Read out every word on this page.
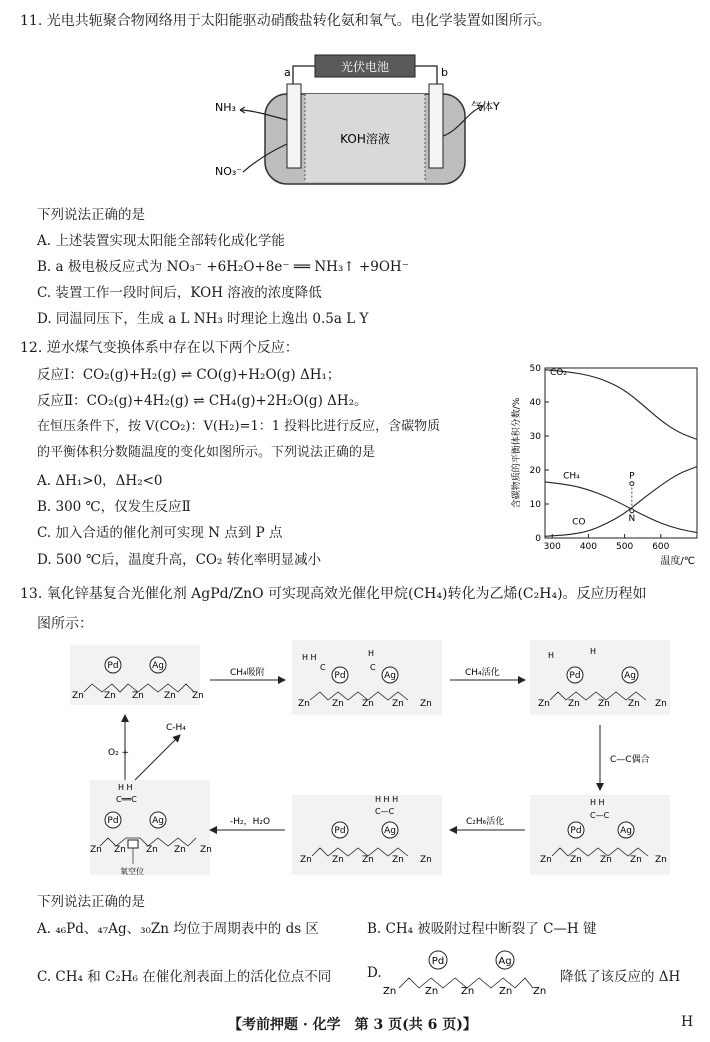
11. 光电共轭聚合物网络用于太阳能驱动硝酸盐转化氨和氧气。电化学装置如图所示。
光伏电池
a	b
KOH溶液
NH₃
NO₃⁻
气体Y
下列说法正确的是
A. 上述装置实现太阳能全部转化成化学能
B. a 极电极反应式为 NO₃⁻ +6H₂O+8e⁻ ══ NH₃↑ +9OH⁻
C. 装置工作一段时间后，KOH 溶液的浓度降低
D. 同温同压下，生成 a L NH₃ 时理论上逸出 0.5a L Y
12. 逆水煤气变换体系中存在以下两个反应：
反应Ⅰ：CO₂(g)+H₂(g) ⇌ CO(g)+H₂O(g) ΔH₁；
反应Ⅱ：CO₂(g)+4H₂(g) ⇌ CH₄(g)+2H₂O(g) ΔH₂。
在恒压条件下，按 V(CO₂)：V(H₂)=1：1 投料比进行反应，含碳物质
的平衡体积分数随温度的变化如图所示。下列说法正确的是
A. ΔH₁>0，ΔH₂<0
B. 300 ℃，仅发生反应Ⅱ
C. 加入合适的催化剂可实现 N 点到 P 点
D. 500 ℃后，温度升高，CO₂ 转化率明显减小
0
10
20
30
40
50
300 400 500 600
温度/℃
含碳物质的平衡体积分数/%
CO₂
CH₄
CO
P
N
13. 氧化锌基复合光催化剂 AgPd/ZnO 可实现高效光催化甲烷(CH₄)转化为乙烯(C₂H₄)。反应历程如
图所示：
Pd	Ag
Zn Zn Zn Zn Zn
CH₄吸附	Pd	Ag
H H	H
C	C
Zn Zn Zn Zn Zn
CH₄活化	Pd	Ag
H	H
Zn Zn Zn Zn Zn
C—C偶合
Pd	Ag
H H
C—C
Zn Zn Zn Zn Zn
C₂H₆活化
Pd	Ag
H H H
C—C
Zn Zn Zn Zn Zn
-H₂，H₂O
H H
C══C
Pd	Ag
Zn Zn Zn Zn Zn
氧空位
O₂ +
C-H₄
下列说法正确的是
A. ₄₆Pd、₄₇Ag、₃₀Zn 均位于周期表中的 ds 区	B. CH₄ 被吸附过程中断裂了 C—H 键
C. CH₄ 和 C₂H₆ 在催化剂表面上的活化位点不同	D.
Pd	Ag
Zn	Zn Zn Zn Zn
降低了该反应的 ΔH
【考前押题 · 化学　第 3 页(共 6 页)】	H
